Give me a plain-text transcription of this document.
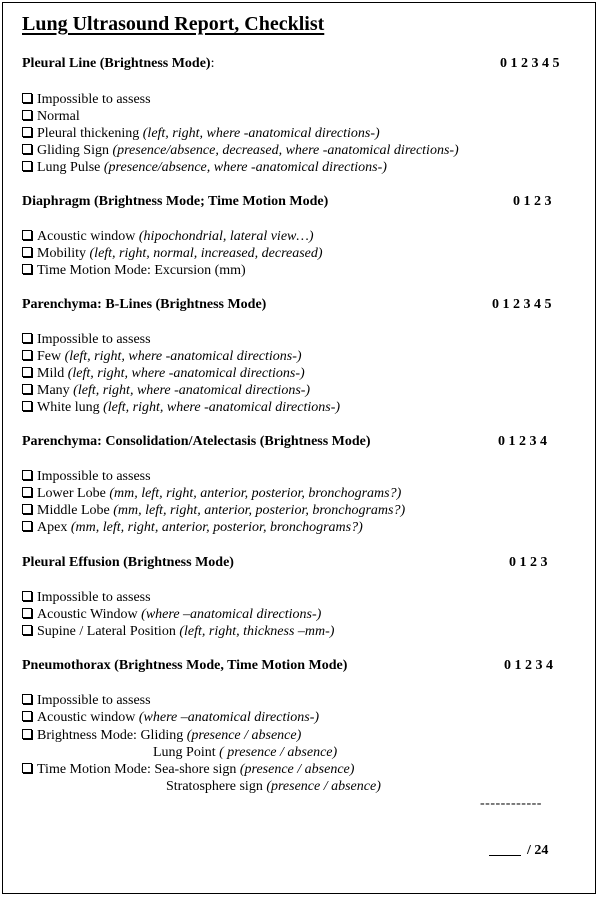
Lung Ultrasound Report, Checklist
Pleural Line (Brightness Mode):	0 1 2 3 4 5
Impossible to assess
Normal
Pleural thickening (left, right, where -anatomical directions-)
Gliding Sign (presence/absence, decreased, where -anatomical directions-)
Lung Pulse (presence/absence, where -anatomical directions-)
Diaphragm (Brightness Mode; Time Motion Mode)	0 1 2 3
Acoustic window (hipochondrial, lateral view…)
Mobility (left, right, normal, increased, decreased)
Time Motion Mode: Excursion (mm)
Parenchyma: B-Lines (Brightness Mode)	0 1 2 3 4 5
Impossible to assess
Few (left, right, where -anatomical directions-)
Mild (left, right, where -anatomical directions-)
Many (left, right, where -anatomical directions-)
White lung (left, right, where -anatomical directions-)
Parenchyma: Consolidation/Atelectasis (Brightness Mode)	0 1 2 3 4
Impossible to assess
Lower Lobe (mm, left, right, anterior, posterior, bronchograms?)
Middle Lobe (mm, left, right, anterior, posterior, bronchograms?)
Apex (mm, left, right, anterior, posterior, bronchograms?)
Pleural Effusion (Brightness Mode)	0 1 2 3
Impossible to assess
Acoustic Window (where –anatomical directions-)
Supine / Lateral Position (left, right, thickness –mm-)
Pneumothorax (Brightness Mode, Time Motion Mode)	0 1 2 3 4
Impossible to assess
Acoustic window (where –anatomical directions-)
Brightness Mode: Gliding (presence / absence)
Lung Point ( presence / absence)
Time Motion Mode: Sea-shore sign (presence / absence)
Stratosphere sign (presence / absence)
------------
/ 24
